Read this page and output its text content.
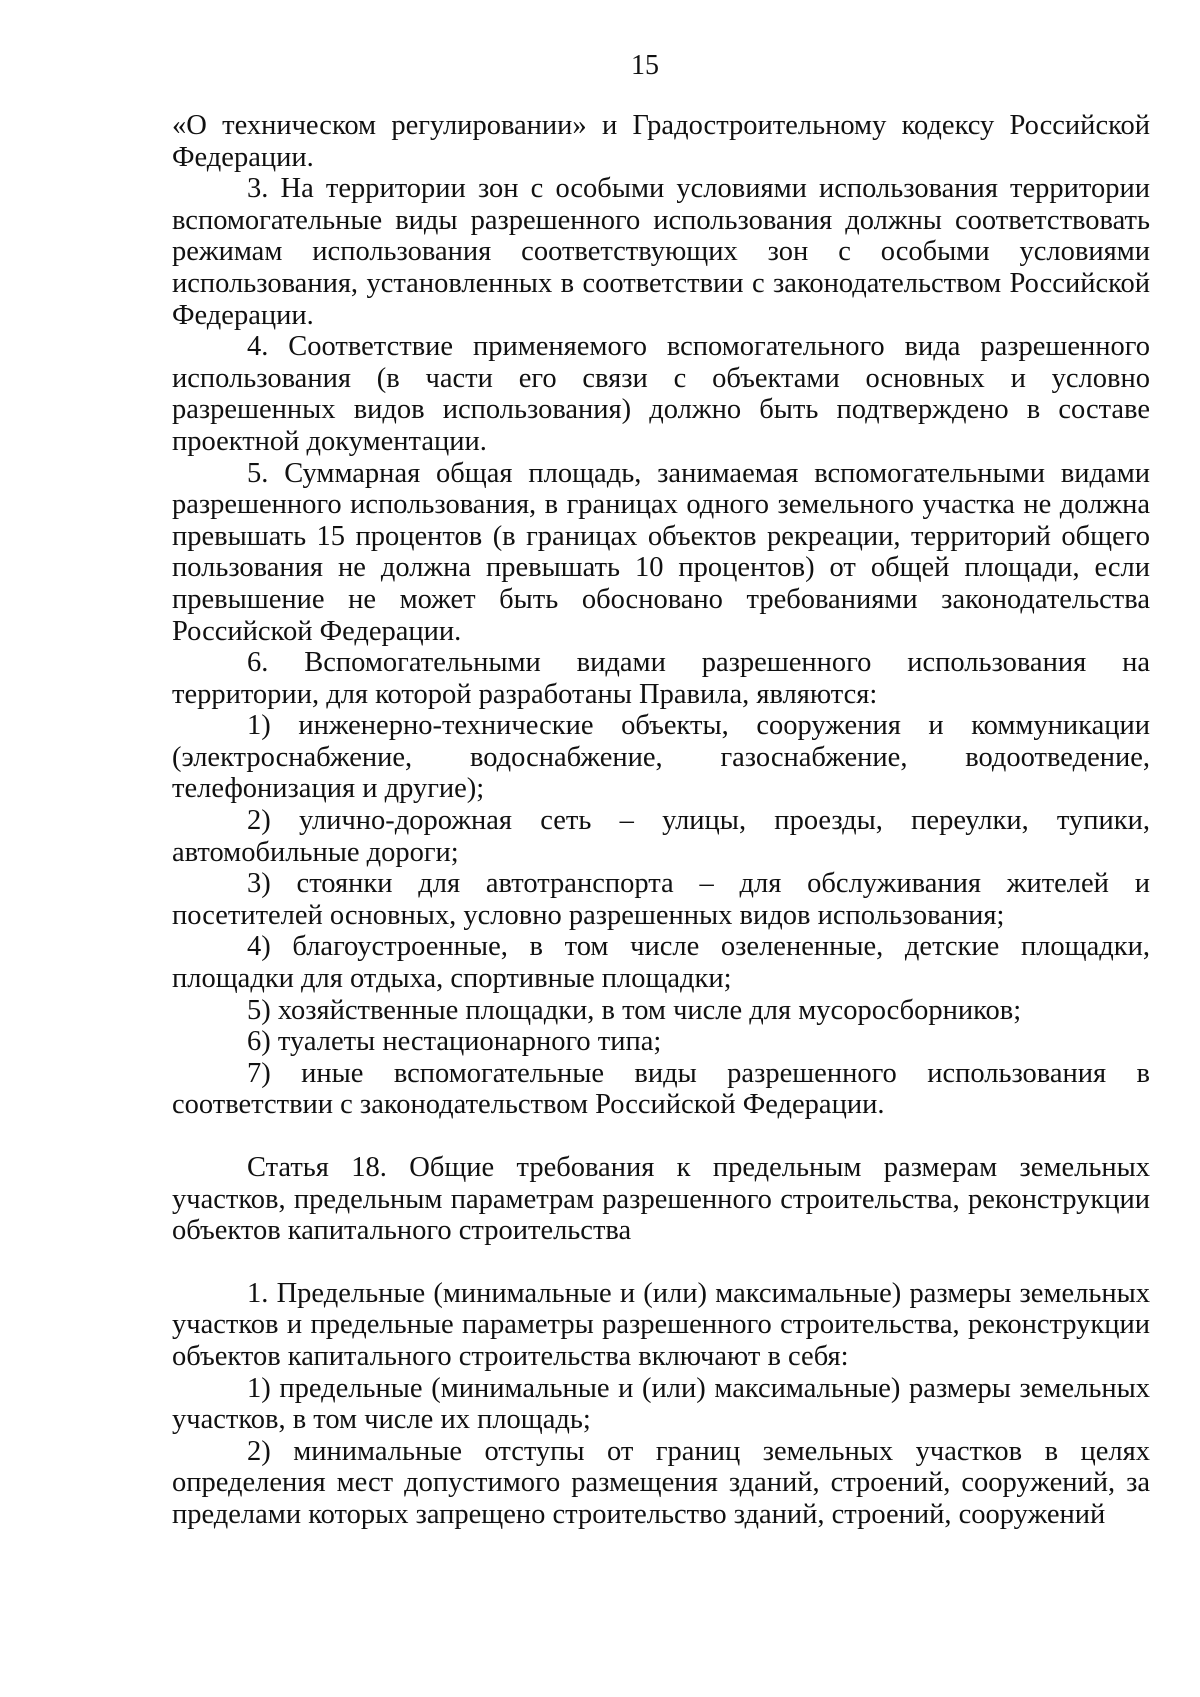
15

«О техническом регулировании» и Градостроительному кодексу Российской Федерации.

3. На территории зон с особыми условиями использования территории вспомогательные виды разрешенного использования должны соответствовать режимам использования соответствующих зон с особыми условиями использования, установленных в соответствии с законодательством Российской Федерации.

4. Соответствие применяемого вспомогательного вида разрешенного использования (в части его связи с объектами основных и условно разрешенных видов использования) должно быть подтверждено в составе проектной документации.

5. Суммарная общая площадь, занимаемая вспомогательными видами разрешенного использования, в границах одного земельного участка не должна превышать 15 процентов (в границах объектов рекреации, территорий общего пользования не должна превышать 10 процентов) от общей площади, если превышение не может быть обосновано требованиями законодательства Российской Федерации.

6. Вспомогательными видами разрешенного использования на территории, для которой разработаны Правила, являются:

1) инженерно-технические объекты, сооружения и коммуникации (электроснабжение, водоснабжение, газоснабжение, водоотведение, телефонизация и другие);

2) улично-дорожная сеть – улицы, проезды, переулки, тупики, автомобильные дороги;

3) стоянки для автотранспорта – для обслуживания жителей и посетителей основных, условно разрешенных видов использования;

4) благоустроенные, в том числе озелененные, детские площадки, площадки для отдыха, спортивные площадки;

5) хозяйственные площадки, в том числе для мусоросборников;

6) туалеты нестационарного типа;

7) иные вспомогательные виды разрешенного использования в соответствии с законодательством Российской Федерации.

Статья 18. Общие требования к предельным размерам земельных участков, предельным параметрам разрешенного строительства, реконструкции объектов капитального строительства

1. Предельные (минимальные и (или) максимальные) размеры земельных участков и предельные параметры разрешенного строительства, реконструкции объектов капитального строительства включают в себя:

1) предельные (минимальные и (или) максимальные) размеры земельных участков, в том числе их площадь;

2) минимальные отступы от границ земельных участков в целях определения мест допустимого размещения зданий, строений, сооружений, за пределами которых запрещено строительство зданий, строений, сооружений
